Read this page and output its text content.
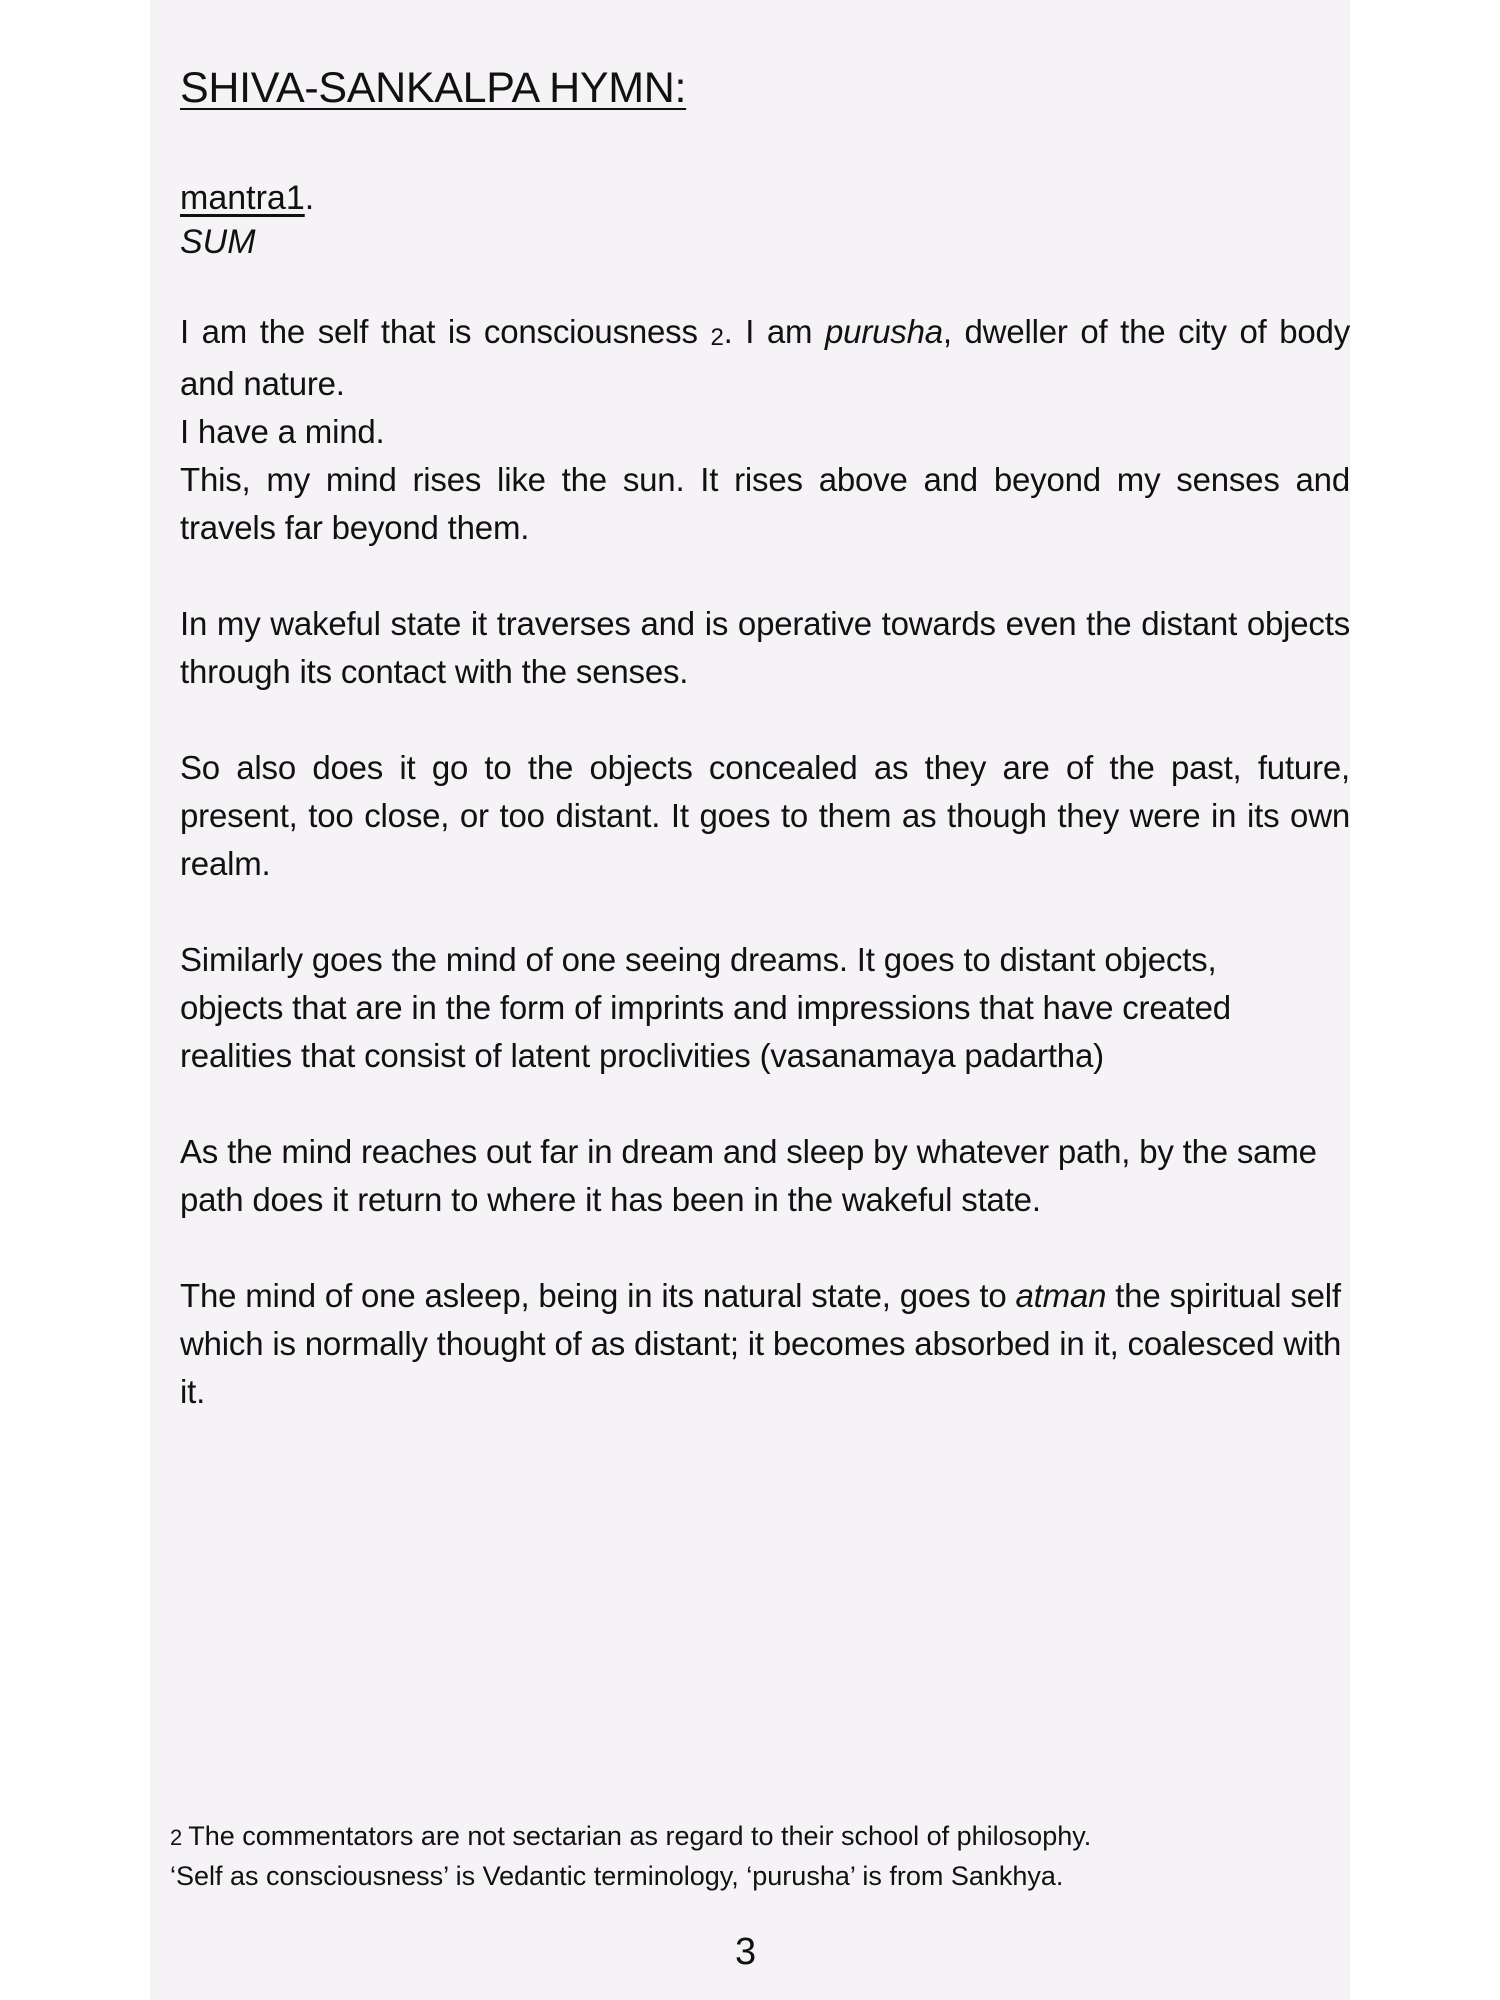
SHIVA-SANKALPA HYMN:
mantra1.
SUM

I am the self that is consciousness 2. I am purusha, dweller of the city of body and nature.

I have a mind.

This, my mind rises like the sun. It rises above and beyond my senses and travels far beyond them.

In my wakeful state it traverses and is operative towards even the distant objects through its contact with the senses.

So also does it go to the objects concealed as they are of the past, future, present, too close, or too distant. It goes to them as though they were in its own realm.

Similarly goes the mind of one seeing dreams. It goes to distant objects, objects that are in the form of imprints and impressions that have created realities that consist of latent proclivities (vasanamaya padartha)

As the mind reaches out far in dream and sleep by whatever path, by the same path does it return to where it has been in the wakeful state.

The mind of one asleep, being in its natural state, goes to atman the spiritual self which is normally thought of as distant; it becomes absorbed in it, coalesced with it.

2 The commentators are not sectarian as regard to their school of philosophy.
‘Self as consciousness’ is Vedantic terminology, ‘purusha’ is from Sankhya.
3
